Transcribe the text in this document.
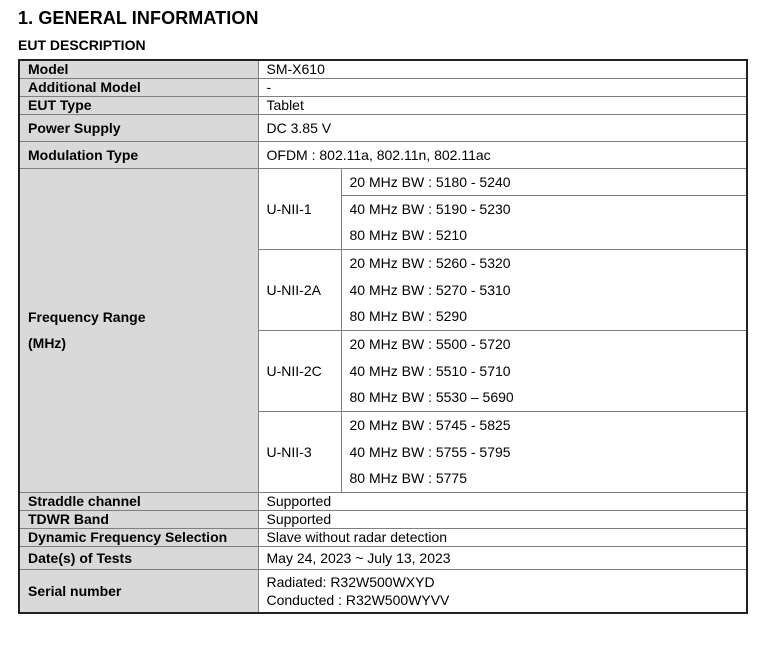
1. GENERAL INFORMATION
EUT DESCRIPTION
Model	SM-X610	
Additional Model	-	
EUT Type	Tablet	
Power Supply	DC 3.85 V	
Modulation Type	OFDM : 802.11a, 802.11n, 802.11ac	

Frequency Range
(MHz)	U-NII-1	20 MHz BW : 5180 - 5240
		40 MHz BW : 5190 - 5230
		80 MHz BW : 5210
	U-NII-2A	20 MHz BW : 5260 - 5320
		40 MHz BW : 5270 - 5310
		80 MHz BW : 5290
	U-NII-2C	20 MHz BW : 5500 - 5720
		40 MHz BW : 5510 - 5710
		80 MHz BW : 5530 – 5690
	U-NII-3	20 MHz BW : 5745 - 5825
		40 MHz BW : 5755 - 5795
		80 MHz BW : 5775
Straddle channel	Supported	
TDWR Band	Supported	
Dynamic Frequency Selection	Slave without radar detection	
Date(s) of Tests	May 24, 2023 ~ July 13, 2023	
Serial number	Radiated: R32W500WXYD
Conducted : R32W500WYVV	
